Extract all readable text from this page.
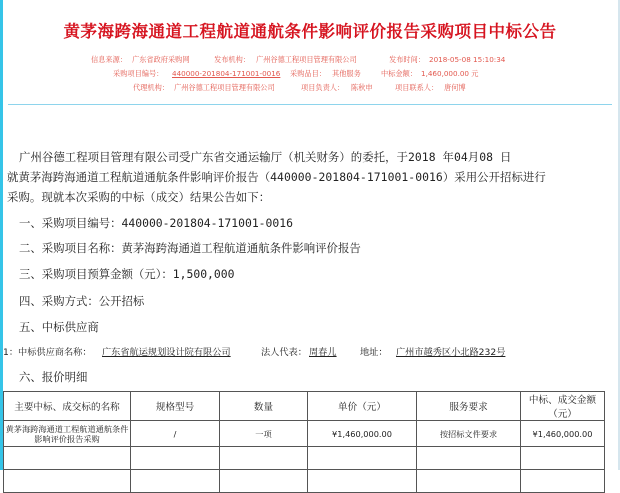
黄茅海跨海通道工程航道通航条件影响评价报告采购项目中标公告
信息来源： 广东省政府采购网	发布机构： 广州谷德工程项目管理有限公司	发布时间： 2018-05-08 15:10:34
采购项目编号： 440000-201804-171001-0016 采购品目： 其他服务	中标金额： 1,460,000.00 元
代理机构： 广州谷德工程项目管理有限公司	项目负责人： 陈秋申	项目联系人： 唐何博
广州谷德工程项目管理有限公司受广东省交通运输厅（机关财务）的委托，于2018 年04月08 日
就黄茅海跨海通道工程航道通航条件影响评价报告（440000-201804-171001-0016）采用公开招标进行
采购。现就本次采购的中标（成交）结果公告如下：
一、采购项目编号：440000-201804-171001-0016
二、采购项目名称：黄茅海跨海通道工程航道通航条件影响评价报告
三、采购项目预算金额（元）：1,500,000
四、采购方式：公开招标
五、中标供应商
1：中标供应商名称： 广东省航运规划设计院有限公司	法人代表： 周春儿	地址： 广州市越秀区小北路232号
六、报价明细
主要中标、成交标的名称	规格型号	数量	单价（元）	服务要求	中标、成交金额（元）
黄茅海跨海通道工程航道通航条件影响评价报告采购	/	一项	¥1,460,000.00	按招标文件要求	¥1,460,000.00
